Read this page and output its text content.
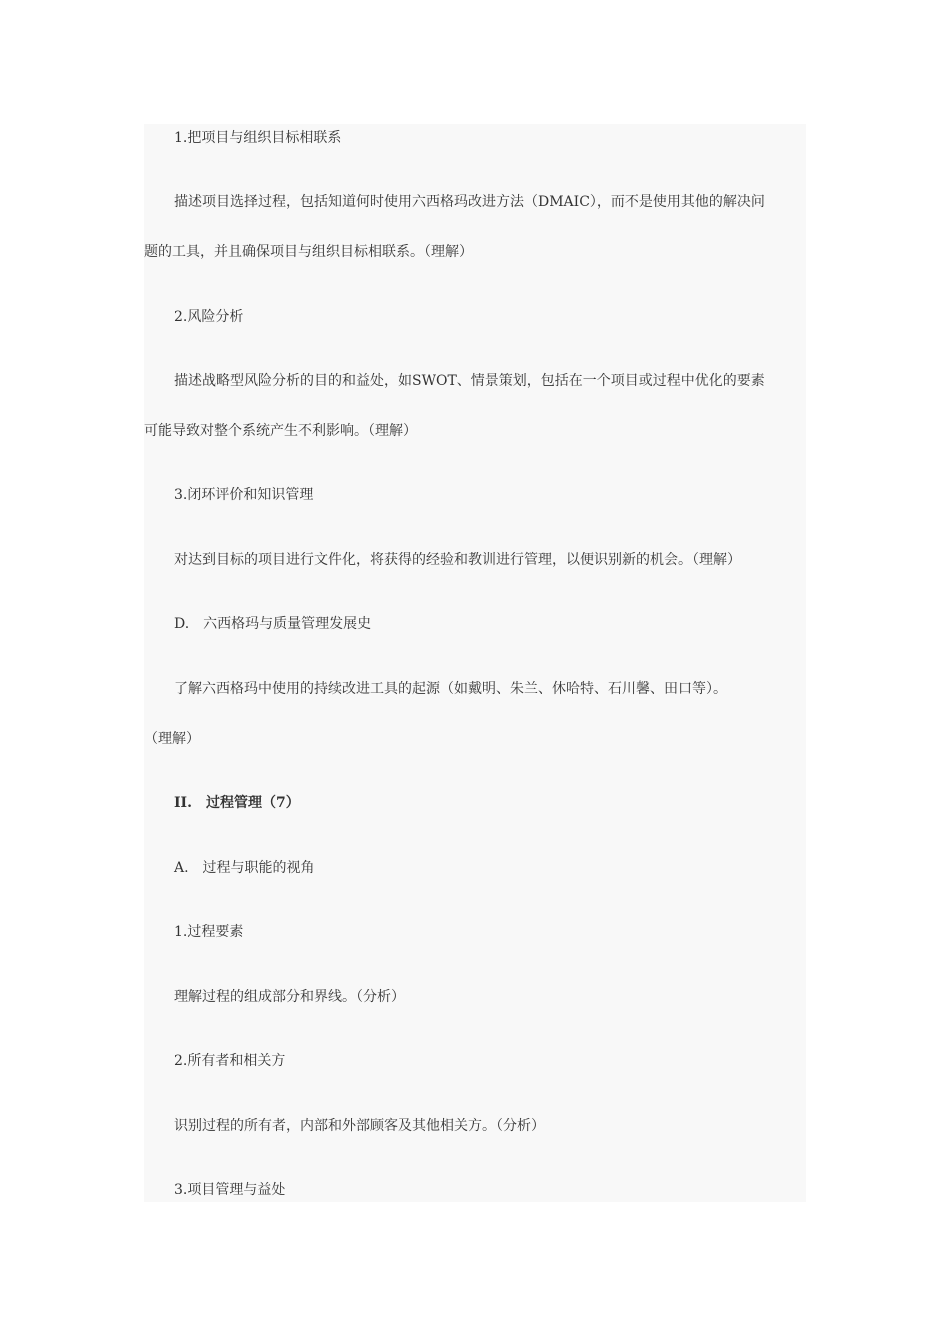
1.把项目与组织目标相联系

描述项目选择过程，包括知道何时使用六西格玛改进方法（DMAIC），而不是使用其他的解决问

题的工具，并且确保项目与组织目标相联系。（理解）

2.风险分析

描述战略型风险分析的目的和益处，如SWOT、情景策划，包括在一个项目或过程中优化的要素

可能导致对整个系统产生不利影响。（理解）

3.闭环评价和知识管理

对达到目标的项目进行文件化，将获得的经验和教训进行管理，以便识别新的机会。（理解）

D.　六西格玛与质量管理发展史

了解六西格玛中使用的持续改进工具的起源（如戴明、朱兰、休哈特、石川馨、田口等）。

（理解）

II.　过程管理（7）

A.　过程与职能的视角

1.过程要素

理解过程的组成部分和界线。（分析）

2.所有者和相关方

识别过程的所有者，内部和外部顾客及其他相关方。（分析）

3.项目管理与益处
